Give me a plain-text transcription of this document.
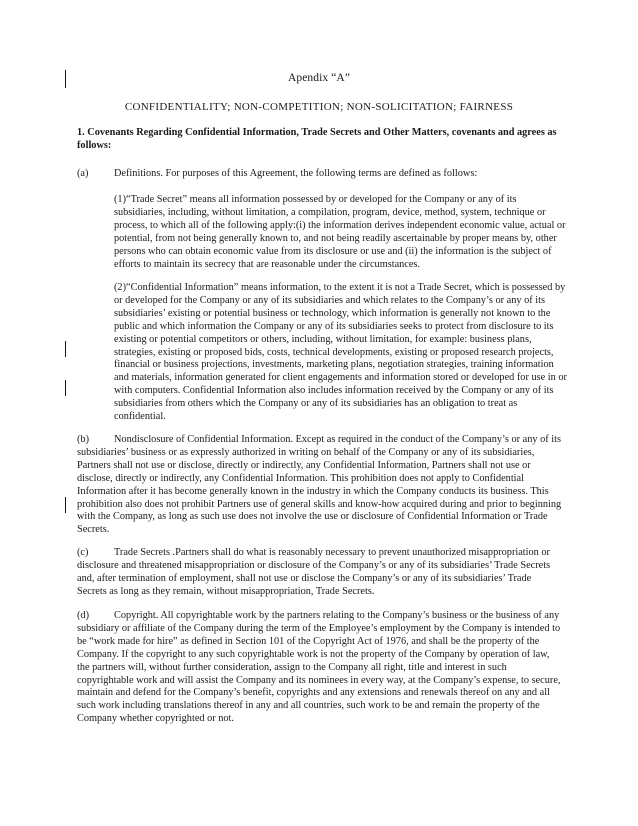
Apendix “A”
CONFIDENTIALITY; NON-COMPETITION; NON-SOLICITATION; FAIRNESS

1. Covenants Regarding Confidential Information, Trade Secrets and Other Matters, covenants and agrees as follows:

(a) Definitions. For purposes of this Agreement, the following terms are defined as follows:

(1)“Trade Secret” means all information possessed by or developed for the Company or any of its subsidiaries, including, without limitation, a compilation, program, device, method, system, technique or process, to which all of the following apply:(i) the information derives independent economic value, actual or potential, from not being generally known to, and not being readily ascertainable by proper means by, other persons who can obtain economic value from its disclosure or use and (ii) the information is the subject of efforts to maintain its secrecy that are reasonable under the circumstances.

(2)“Confidential Information” means information, to the extent it is not a Trade Secret, which is possessed by or developed for the Company or any of its subsidiaries and which relates to the Company’s or any of its subsidiaries’ existing or potential business or technology, which information is generally not known to the public and which information the Company or any of its subsidiaries seeks to protect from disclosure to its existing or potential competitors or others, including, without limitation, for example: business plans, strategies, existing or proposed bids, costs, technical developments, existing or proposed research projects, financial or business projections, investments, marketing plans, negotiation strategies, training information and materials, information generated for client engagements and information stored or developed for use in or with computers. Confidential Information also includes information received by the Company or any of its subsidiaries from others which the Company or any of its subsidiaries has an obligation to treat as confidential.

(b)	Nondisclosure of Confidential Information. Except as required in the conduct of the Company’s or any of its subsidiaries’ business or as expressly authorized in writing on behalf of the Company or any of its subsidiaries, Partners shall not use or disclose, directly or indirectly, any Confidential Information, Partners shall not use or disclose, directly or indirectly, any Confidential Information. This prohibition does not apply to Confidential Information after it has become generally known in the industry in which the Company conducts its business. This prohibition also does not prohibit Partners use of general skills and know-how acquired during and prior to beginning with the Company, as long as such use does not involve the use or disclosure of Confidential Information or Trade Secrets.

(c)	Trade Secrets .Partners shall do what is reasonably necessary to prevent unauthorized misappropriation or disclosure and threatened misappropriation or disclosure of the Company’s or any of its subsidiaries’ Trade Secrets and, after termination of employment, shall not use or disclose the Company’s or any of its subsidiaries’ Trade Secrets as long as they remain, without misappropriation, Trade Secrets.

(d)	Copyright. All copyrightable work by the partners relating to the Company’s business or the business of any subsidiary or affiliate of the Company during the term of the Employee’s employment by the Company is intended to be “work made for hire” as defined in Section 101 of the Copyright Act of 1976, and shall be the property of the Company. If the copyright to any such copyrightable work is not the property of the Company by operation of law, the partners will, without further consideration, assign to the Company all right, title and interest in such copyrightable work and will assist the Company and its nominees in every way, at the Company’s expense, to secure, maintain and defend for the Company’s benefit, copyrights and any extensions and renewals thereof on any and all such work including translations thereof in any and all countries, such work to be and remain the property of the Company whether copyrighted or not.
